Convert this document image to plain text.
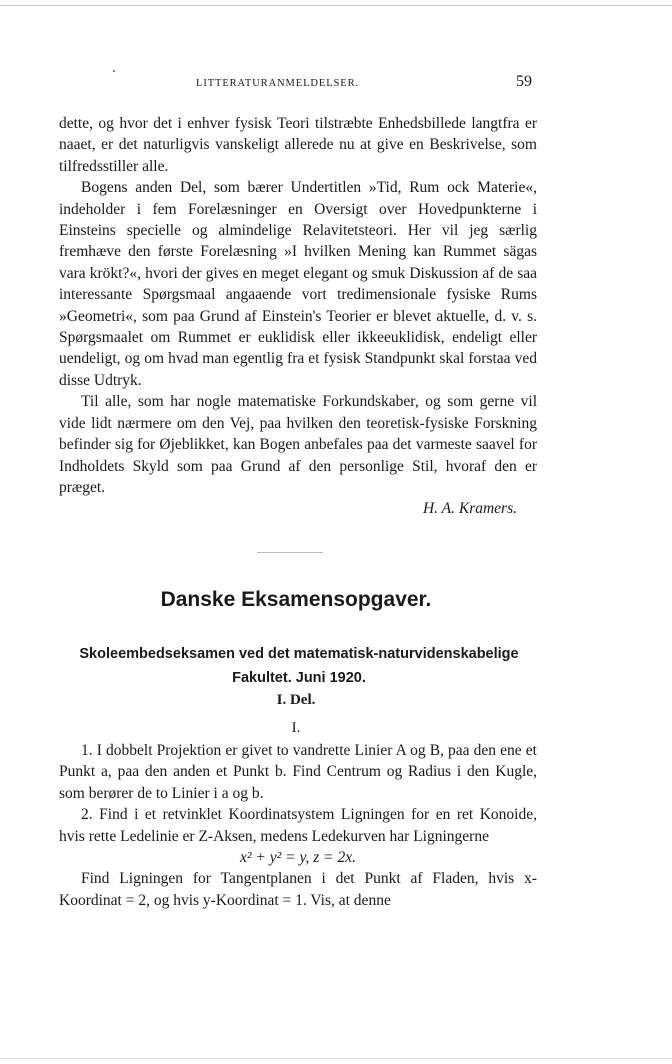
LITTERATURANMELDELSER.	59

dette, og hvor det i enhver fysisk Teori tilstræbte Enhedsbillede langtfra er naaet, er det naturligvis vanskeligt allerede nu at give en Beskrivelse, som tilfredsstiller alle.

Bogens anden Del, som bærer Undertitlen »Tid, Rum ock Materie«, indeholder i fem Forelæsninger en Oversigt over Hovedpunkterne i Einsteins specielle og almindelige Relavitetsteori. Her vil jeg særlig fremhæve den første Forelæsning »I hvilken Mening kan Rummet sägas vara krökt?«, hvori der gives en meget elegant og smuk Diskussion af de saa interessante Spørgsmaal angaaende vort tredimensionale fysiske Rums »Geometri«, som paa Grund af Einstein's Teorier er blevet aktuelle, d. v. s. Spørgsmaalet om Rummet er euklidisk eller ikkeeuklidisk, endeligt eller uendeligt, og om hvad man egentlig fra et fysisk Standpunkt skal forstaa ved disse Udtryk.

Til alle, som har nogle matematiske Forkundskaber, og som gerne vil vide lidt nærmere om den Vej, paa hvilken den teoretisk-fysiske Forskning befinder sig for Øjeblikket, kan Bogen anbefales paa det varmeste saavel for Indholdets Skyld som paa Grund af den personlige Stil, hvoraf den er præget.

H. A. Kramers.

Danske Eksamensopgaver.
Skoleembedseksamen ved det matematisk-naturvidenskabelige Fakultet. Juni 1920.
I. Del.
I.

1. I dobbelt Projektion er givet to vandrette Linier A og B, paa den ene et Punkt a, paa den anden et Punkt b. Find Centrum og Radius i den Kugle, som berører de to Linier i a og b.

2. Find i et retvinklet Koordinatsystem Ligningen for en ret Konoide, hvis rette Ledelinie er Z-Aksen, medens Ledekurven har Ligningerne

x² + y² = y, z = 2x.

Find Ligningen for Tangentplanen i det Punkt af Fladen, hvis x-Koordinat = 2, og hvis y-Koordinat = 1. Vis, at denne
